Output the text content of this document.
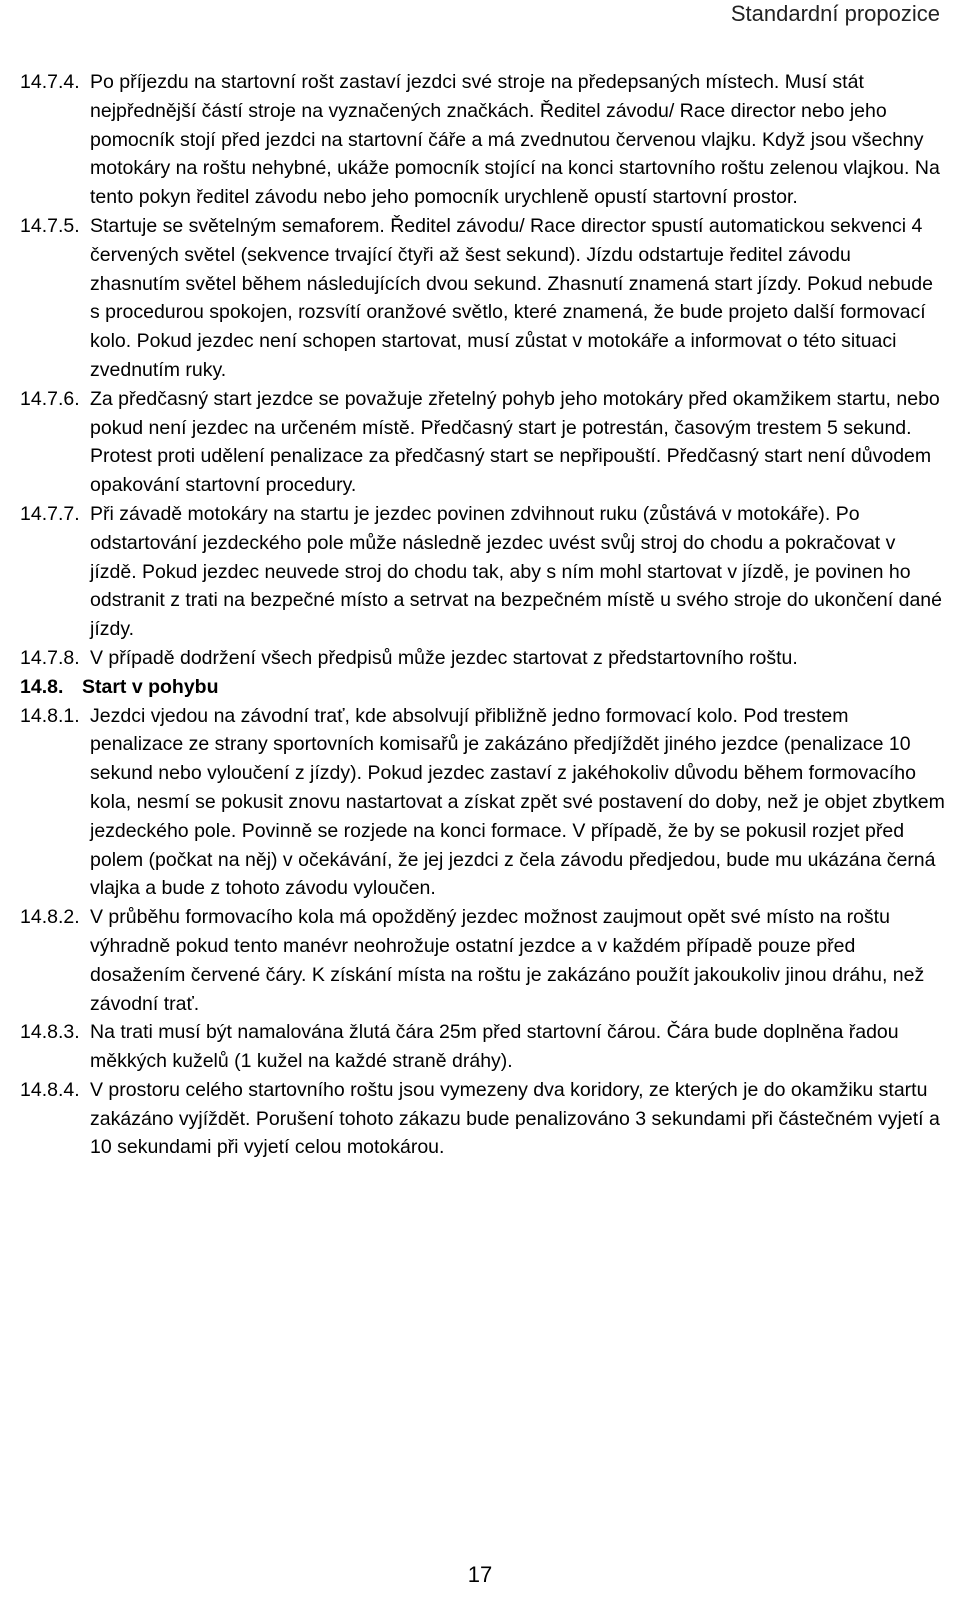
Standardní propozice
14.7.4. Po příjezdu na startovní rošt zastaví jezdci své stroje na předepsaných místech. Musí stát nejpřednější částí stroje na vyznačených značkách. Ředitel závodu/ Race director nebo jeho pomocník stojí před jezdci na startovní čáře a má zvednutou červenou vlajku. Když jsou všechny motokáry na roštu nehybné, ukáže pomocník stojící na konci startovního roštu zelenou vlajkou. Na tento pokyn ředitel závodu nebo jeho pomocník urychleně opustí startovní prostor.
14.7.5. Startuje se světelným semaforem. Ředitel závodu/ Race director spustí automatickou sekvenci 4 červených světel (sekvence trvající čtyři až šest sekund). Jízdu odstartuje ředitel závodu zhasnutím světel během následujících dvou sekund. Zhasnutí znamená start jízdy. Pokud nebude s procedurou spokojen, rozsvítí oranžové světlo, které znamená, že bude projeto další formovací kolo. Pokud jezdec není schopen startovat, musí zůstat v motokáře a informovat o této situaci zvednutím ruky.
14.7.6. Za předčasný start jezdce se považuje zřetelný pohyb jeho motokáry před okamžikem startu, nebo pokud není jezdec na určeném místě. Předčasný start je potrestán, časovým trestem 5 sekund. Protest proti udělení penalizace za předčasný start se nepřipouští. Předčasný start není důvodem opakování startovní procedury.
14.7.7. Při závadě motokáry na startu je jezdec povinen zdvihnout ruku (zůstává v motokáře). Po odstartování jezdeckého pole může následně jezdec uvést svůj stroj do chodu a pokračovat v jízdě. Pokud jezdec neuvede stroj do chodu tak, aby s ním mohl startovat v jízdě, je povinen ho odstranit z trati na bezpečné místo a setrvat na bezpečném místě u svého stroje do ukončení dané jízdy.
14.7.8. V případě dodržení všech předpisů může jezdec startovat z předstartovního roštu.
14.8. Start v pohybu
14.8.1. Jezdci vjedou na závodní trať, kde absolvují přibližně jedno formovací kolo. Pod trestem penalizace ze strany sportovních komisařů je zakázáno předjíždět jiného jezdce (penalizace 10 sekund nebo vyloučení z jízdy). Pokud jezdec zastaví z jakéhokoliv důvodu během formovacího kola, nesmí se pokusit znovu nastartovat a získat zpět své postavení do doby, než je objet zbytkem jezdeckého pole. Povinně se rozjede na konci formace. V případě, že by se pokusil rozjet před polem (počkat na něj) v očekávání, že jej jezdci z čela závodu předjedou, bude mu ukázána černá vlajka a bude z tohoto závodu vyloučen.
14.8.2. V průběhu formovacího kola má opožděný jezdec možnost zaujmout opět své místo na roštu výhradně pokud tento manévr neohrožuje ostatní jezdce a v každém případě pouze před dosažením červené čáry. K získání místa na roštu je zakázáno použít jakoukoliv jinou dráhu, než závodní trať.
14.8.3. Na trati musí být namalována žlutá čára 25m před startovní čárou. Čára bude doplněna řadou měkkých kuželů (1 kužel na každé straně dráhy).
14.8.4. V prostoru celého startovního roštu jsou vymezeny dva koridory, ze kterých je do okamžiku startu zakázáno vyjíždět. Porušení tohoto zákazu bude penalizováno 3 sekundami při částečném vyjetí a 10 sekundami při vyjetí celou motokárou.
17
